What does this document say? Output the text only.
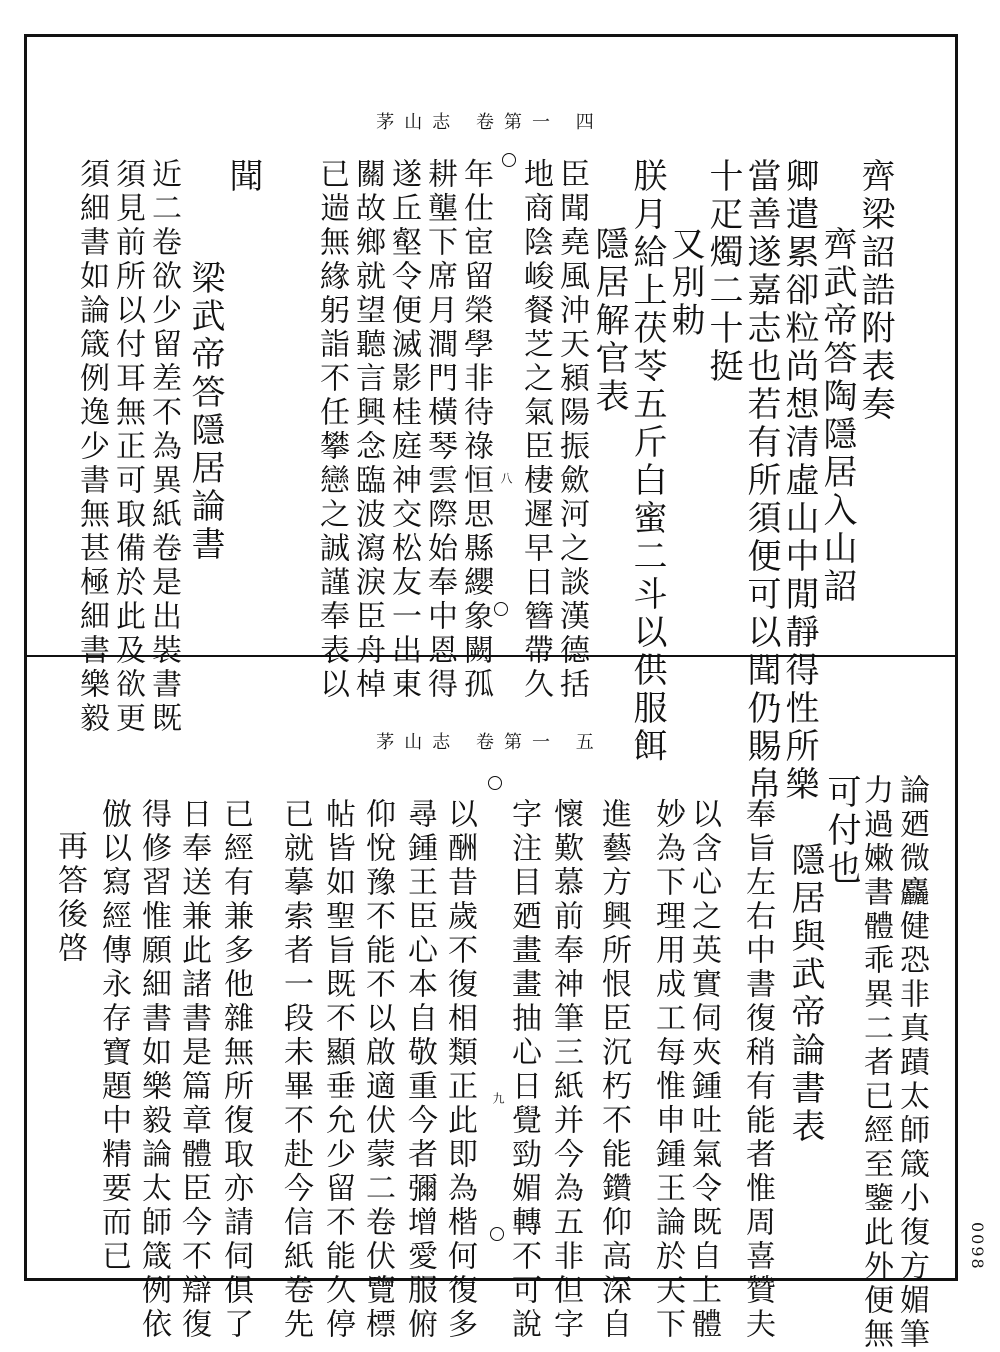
茅山志 卷第一 四
八
齊梁詔誥附表奏
齊武帝答陶隱居入山詔
卿遣累卻粒尚想清虛山中閒靜得性所樂
當善遂嘉志也若有所須便可以聞仍賜帛
十疋燭二十挺
又別勅
朕月給上茯苓五斤白蜜二斗以供服餌
隱居解官表
臣聞堯風沖天潁陽振歛河之談漢德括
地商陰峻餐芝之氣臣棲遲早日簪帶久
年仕宦留榮學非待祿恒思縣纓象闕孤
耕壟下席月澗門橫琴雲際始奉中恩得
遂丘壑令便滅影桂庭神交松友一出東
關故鄉就望聽言興念臨波瀉淚臣舟棹
已遄無緣躬詣不任攀戀之誠謹奉表以
聞
梁武帝答隱居論書
近二卷欲少留差不為異紙卷是出裝書既
須見前所以付耳無正可取備於此及欲更
須細書如論箴例逸少書無甚極細書樂毅
茅山志 卷第一 五
九	論廼微麤健恐非真蹟太師箴小復方媚筆
力過嫩書體乖異二者已經至鑒此外便無
可付也
隱居與武帝論書表
奉旨左右中書復稍有能者惟周喜贊夫
以含心之英實伺夾鍾吐氣令既自上體
妙為下理用成工每惟申鍾王論於天下
進藝方興所恨臣沉朽不能鑽仰高深自
懷歎慕前奉神筆三紙并今為五非但字
字注目廼畫畫抽心日覺勁媚轉不可說
以酬昔歲不復相類正此即為楷何復多
尋鍾王臣心本自敬重今者彌增愛服俯
仰悅豫不能不以啟適伏蒙二卷伏覽標
帖皆如聖旨既不顯垂允少留不能久停
已就摹索者一段未畢不赴今信紙卷先
已經有兼多他雜無所復取亦請伺俱了
日奉送兼此諸書是篇章體臣今不辯復
得修習惟願細書如樂毅論太師箴例依
倣以寫經傳永存寶題中精要而已
再答後啓
0098
